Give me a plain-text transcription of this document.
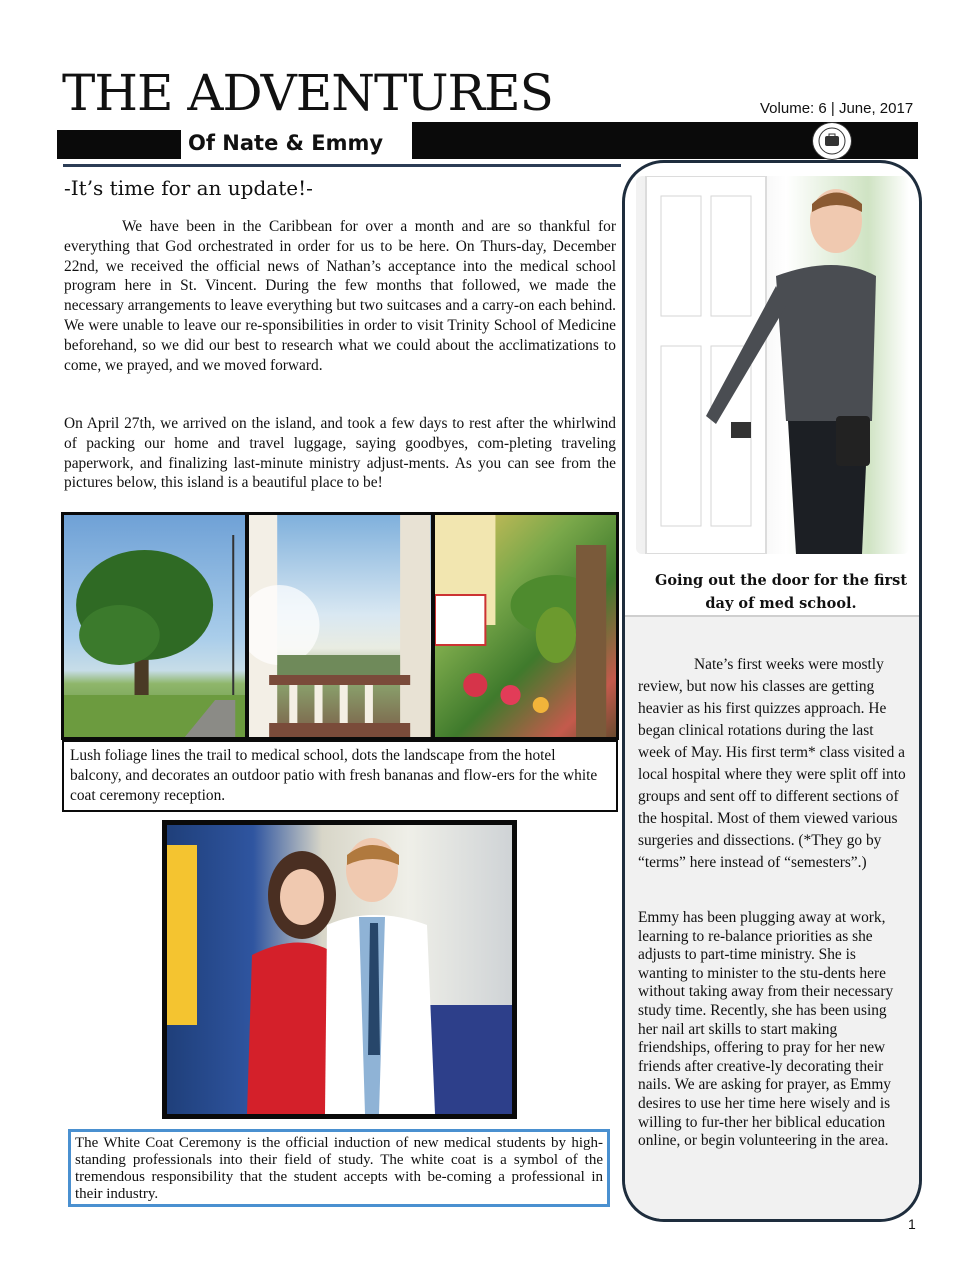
THE ADVENTURES	Volume: 6 | June, 2017
Of Nate & Emmy
-It’s time for an update!-
We have been in the Caribbean for over a month and are so thankful for everything that God orchestrated in order for us to be here. On Thurs-day, December 22nd, we received the official news of Nathan’s acceptance into the medical school program here in St. Vincent. During the few months that followed, we made the necessary arrangements to leave everything but two suitcases and a carry-on each behind. We were unable to leave our re-sponsibilities in order to visit Trinity School of Medicine beforehand, so we did our best to research what we could about the acclimatizations to come, we prayed, and we moved forward.
On April 27th, we arrived on the island, and took a few days to rest after the whirlwind of packing our home and travel luggage, saying goodbyes, com-pleting traveling paperwork, and finalizing last-minute ministry adjust-ments. As you can see from the pictures below, this island is a beautiful place to be!
Lush foliage lines the trail to medical school, dots the landscape from the hotel balcony, and decorates an outdoor patio with fresh bananas and flow-ers for the white coat ceremony reception.
The White Coat Ceremony is the official induction of new medical students by high-standing professionals into their field of study. The white coat is a symbol of the tremendous responsibility that the student accepts with be-coming a professional in their industry.
Going out the door for the first day of med school.
Nate’s first weeks were mostly review, but now his classes are getting heavier as his first quizzes approach. He began clinical rotations during the last week of May. His first term* class visited a local hospital where they were split off into groups and sent off to different sections of the hospital. Most of them viewed various surgeries and dissections. (*They go by “terms” here instead of “semesters”.)
Emmy has been plugging away at work, learning to re-balance priorities as she adjusts to part-time ministry. She is wanting to minister to the stu-dents here without taking away from their necessary study time. Recently, she has been using her nail art skills to start making friendships, offering to pray for her new friends after creative-ly decorating their nails. We are asking for prayer, as Emmy desires to use her time here wisely and is willing to fur-ther her biblical education online, or begin volunteering in the area.
1
